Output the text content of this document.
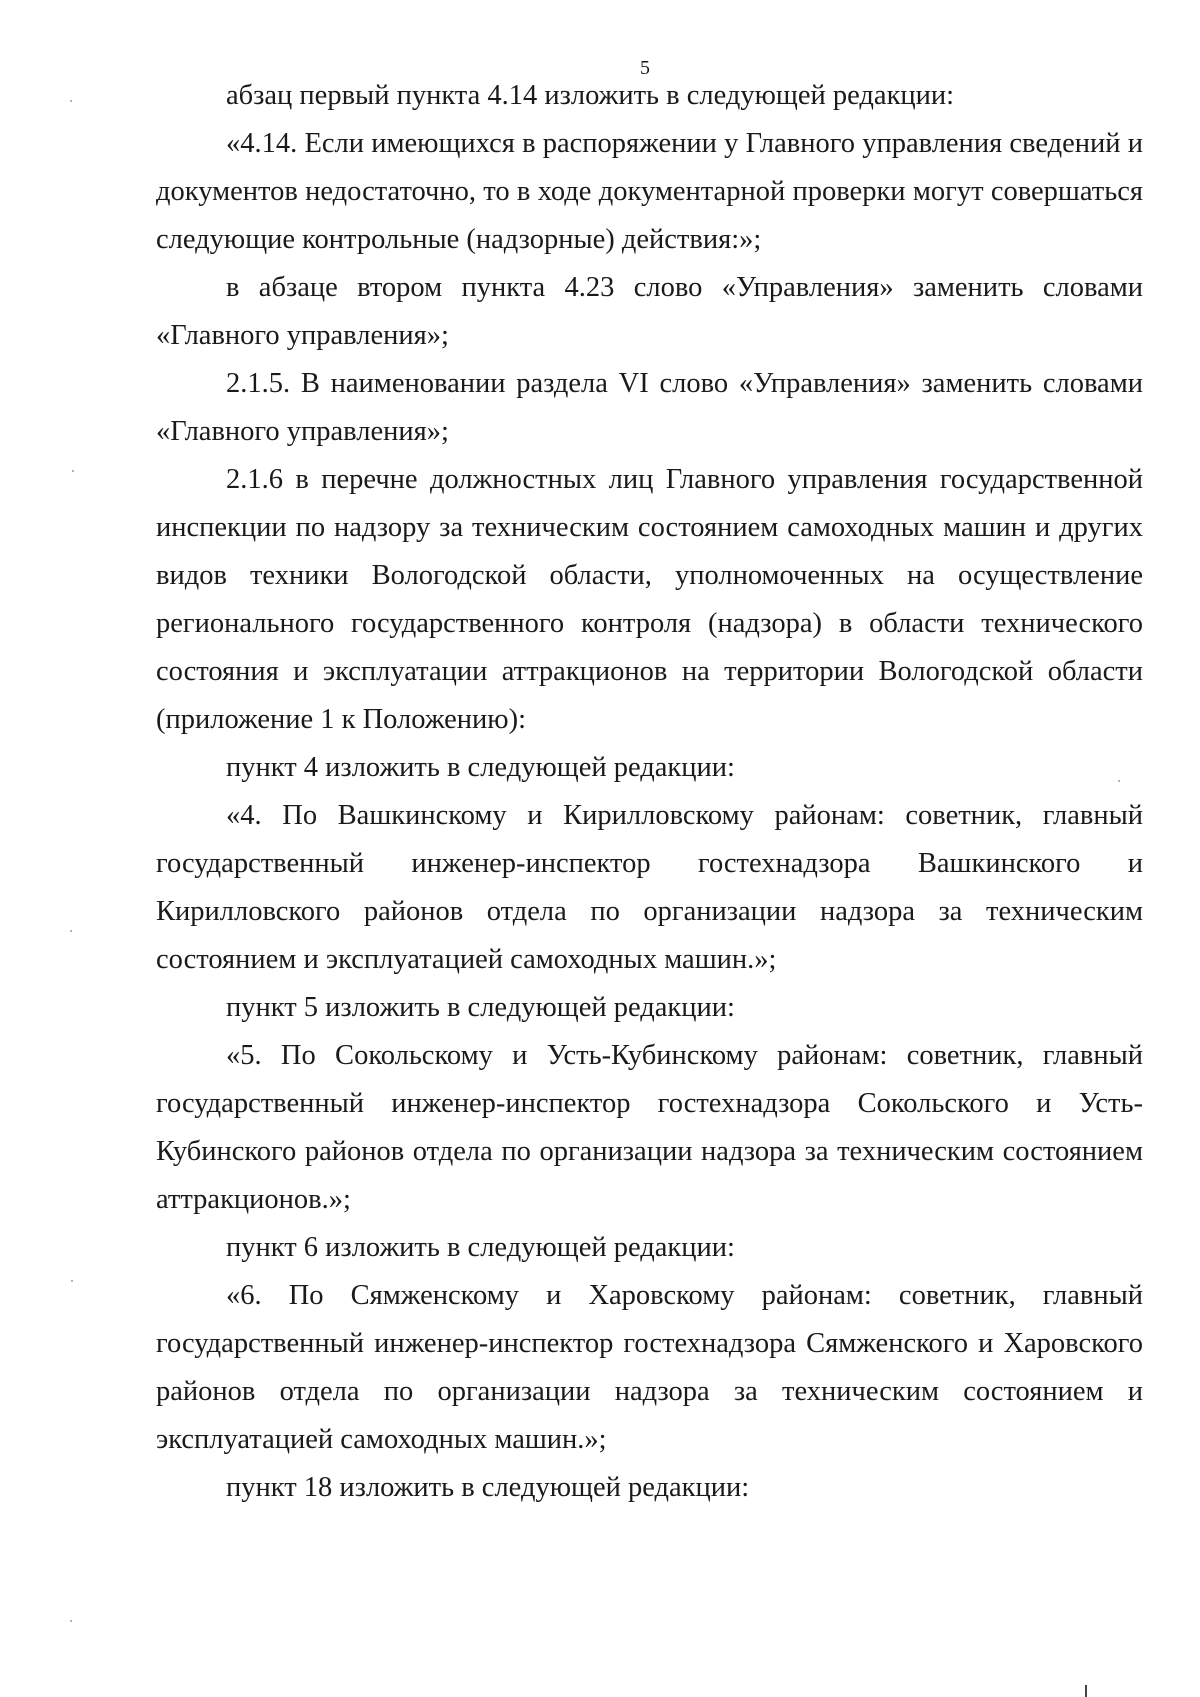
5

абзац первый пункта 4.14 изложить в следующей редакции:

«4.14. Если имеющихся в распоряжении у Главного управления сведений и документов недостаточно, то в ходе документарной проверки могут совершаться следующие контрольные (надзорные) действия:»;

в абзаце втором пункта 4.23 слово «Управления» заменить словами «Главного управления»;

2.1.5. В наименовании раздела VI слово «Управления» заменить словами «Главного управления»;

2.1.6 в перечне должностных лиц Главного управления государственной инспекции по надзору за техническим состоянием самоходных машин и других видов техники Вологодской области, уполномоченных на осуществление регионального государственного контроля (надзора) в области технического состояния и эксплуатации аттракционов на территории Вологодской области (приложение 1 к Положению):

пункт 4 изложить в следующей редакции:

«4. По Вашкинскому и Кирилловскому районам: советник, главный государственный инженер-инспектор гостехнадзора Вашкинского и Кирилловского районов отдела по организации надзора за техническим состоянием и эксплуатацией самоходных машин.»;

пункт 5 изложить в следующей редакции:

«5. По Сокольскому и Усть-Кубинскому районам: советник, главный государственный инженер-инспектор гостехнадзора Сокольского и Усть-Кубинского районов отдела по организации надзора за техническим состоянием аттракционов.»;

пункт 6 изложить в следующей редакции:

«6. По Сямженскому и Харовскому районам: советник, главный государственный инженер-инспектор гостехнадзора Сямженского и Харовского районов отдела по организации надзора за техническим состоянием и эксплуатацией самоходных машин.»;

пункт 18 изложить в следующей редакции:
